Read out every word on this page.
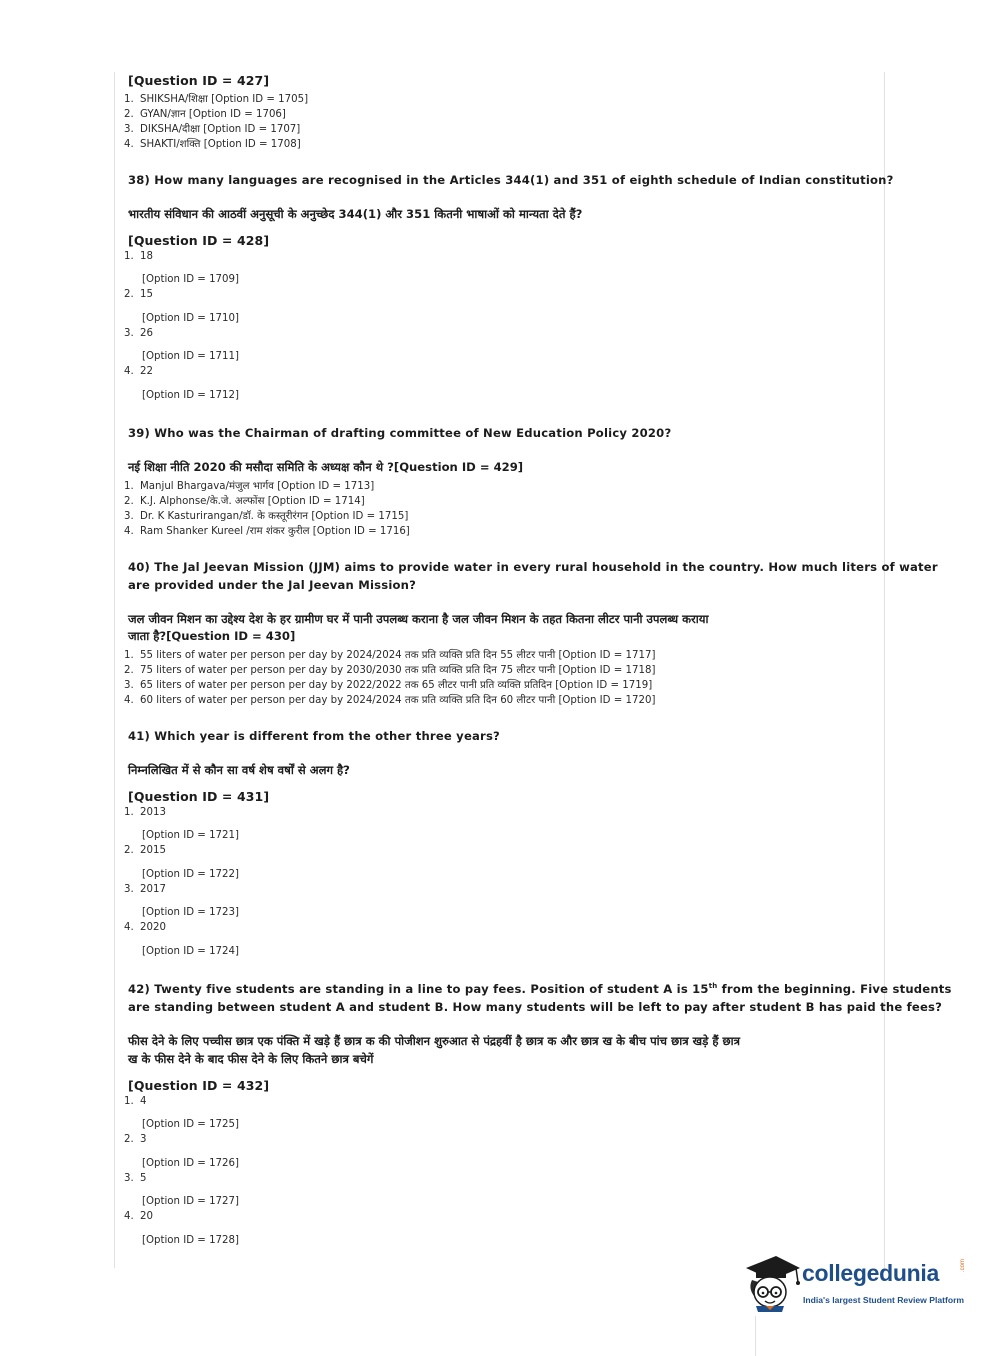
[Question ID = 427]
1. SHIKSHA/शिक्षा [Option ID = 1705]
2. GYAN/ज्ञान [Option ID = 1706]
3. DIKSHA/दीक्षा [Option ID = 1707]
4. SHAKTI/शक्ति [Option ID = 1708]
38) How many languages are recognised in the Articles 344(1) and 351 of eighth schedule of Indian constitution?
भारतीय संविधान की आठवीं अनुसूची के अनुच्छेद 344(1) और 351 कितनी भाषाओं को मान्यता देते हैं?
[Question ID = 428]
1. 18
[Option ID = 1709]
2. 15
[Option ID = 1710]
3. 26
[Option ID = 1711]
4. 22
[Option ID = 1712]
39) Who was the Chairman of drafting committee of New Education Policy 2020?
नई शिक्षा नीति 2020 की मसौदा समिति के अध्यक्ष कौन थे ?[Question ID = 429]
1. Manjul Bhargava/मंजुल भार्गव [Option ID = 1713]
2. K.J. Alphonse/के.जे. अल्फोंस [Option ID = 1714]
3. Dr. K Kasturirangan/डॉ. के कस्तूरीरंगन [Option ID = 1715]
4. Ram Shanker Kureel /राम शंकर कुरील [Option ID = 1716]
40) The Jal Jeevan Mission (JJM) aims to provide water in every rural household in the country. How much liters of water
are provided under the Jal Jeevan Mission?
जल जीवन मिशन का उद्देश्य देश के हर ग्रामीण घर में पानी उपलब्ध कराना है जल जीवन मिशन के तहत कितना लीटर पानी उपलब्ध कराया
जाता है?[Question ID = 430]
1. 55 liters of water per person per day by 2024/2024 तक प्रति व्यक्ति प्रति दिन 55 लीटर पानी [Option ID = 1717]
2. 75 liters of water per person per day by 2030/2030 तक प्रति व्यक्ति प्रति दिन 75 लीटर पानी [Option ID = 1718]
3. 65 liters of water per person per day by 2022/2022 तक 65 लीटर पानी प्रति व्यक्ति प्रतिदिन [Option ID = 1719]
4. 60 liters of water per person per day by 2024/2024 तक प्रति व्यक्ति प्रति दिन 60 लीटर पानी [Option ID = 1720]
41) Which year is different from the other three years?
निम्नलिखित में से कौन सा वर्ष शेष वर्षों से अलग है?
[Question ID = 431]
1. 2013
[Option ID = 1721]
2. 2015
[Option ID = 1722]
3. 2017
[Option ID = 1723]
4. 2020
[Option ID = 1724]
42) Twenty five students are standing in a line to pay fees. Position of student A is 15th from the beginning. Five students
are standing between student A and student B. How many students will be left to pay after student B has paid the fees?
फीस देने के लिए पच्चीस छात्र एक पंक्ति में खड़े हैं छात्र क की पोजीशन शुरुआत से पंद्रहवीं है छात्र क और छात्र ख के बीच पांच छात्र खड़े हैं छात्र
ख के फीस देने के बाद फीस देने के लिए कितने छात्र बचेगें
[Question ID = 432]
1. 4
[Option ID = 1725]
2. 3
[Option ID = 1726]
3. 5
[Option ID = 1727]
4. 20
[Option ID = 1728]
collegedunia	.com
India's largest Student Review Platform
